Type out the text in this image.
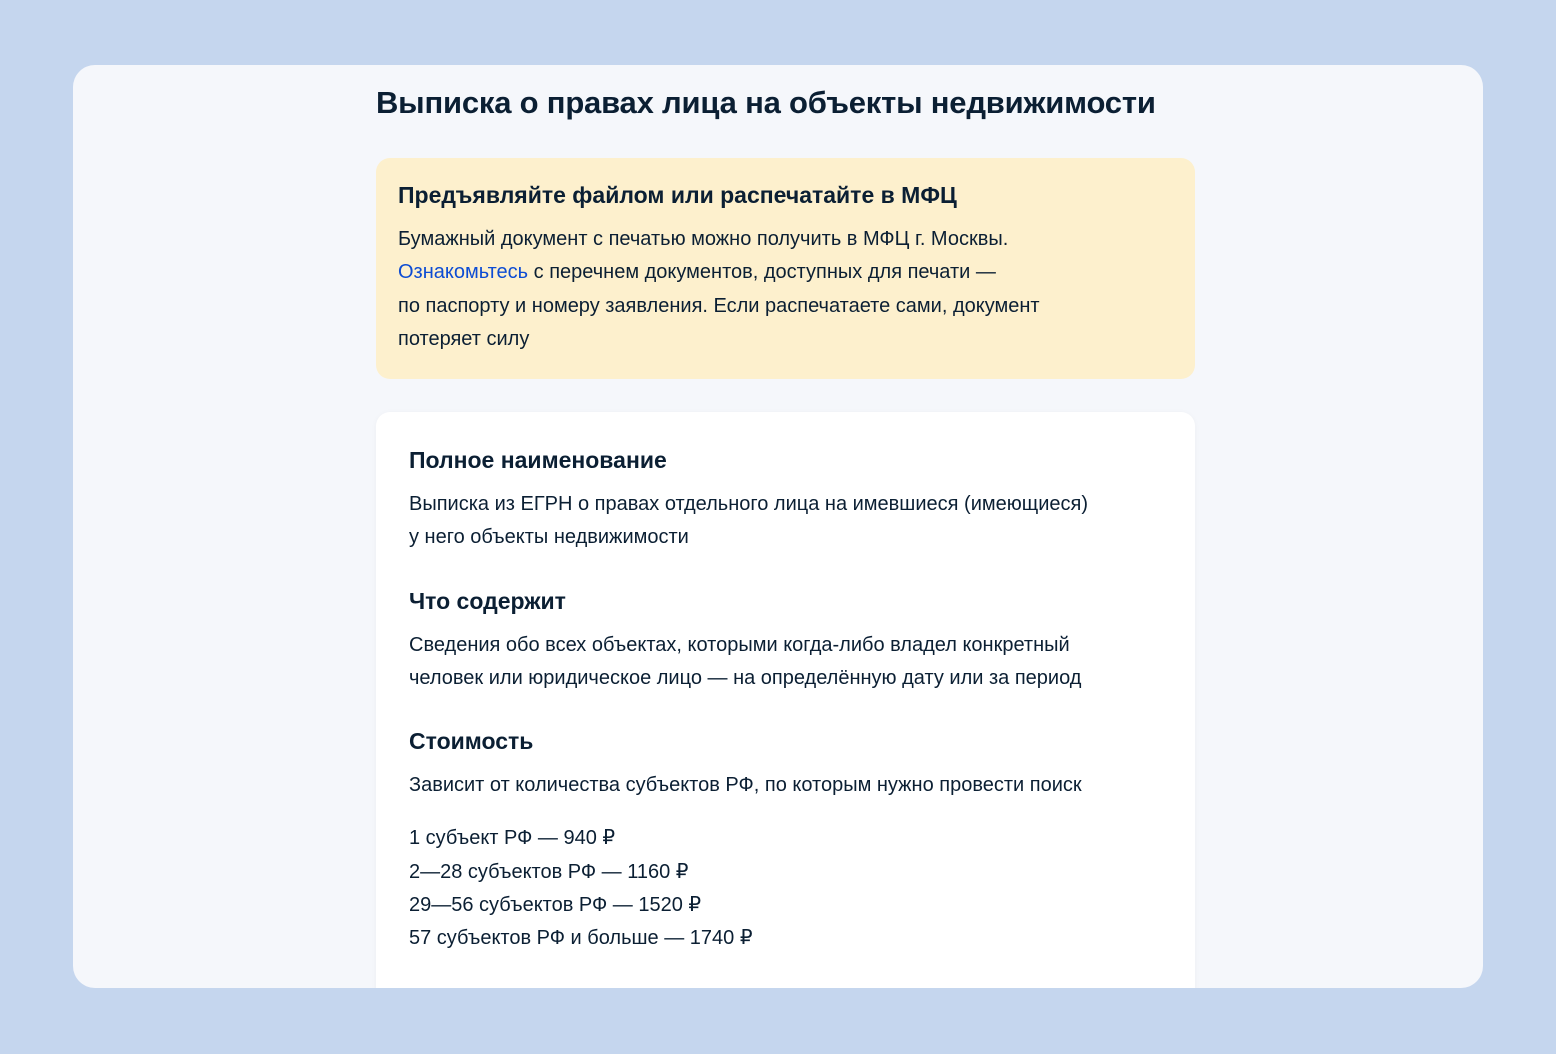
Выписка о правах лица на объекты недвижимости
Предъявляйте файлом или распечатайте в МФЦ

Бумажный документ с печатью можно получить в МФЦ г. Москвы.
Ознакомьтесь с перечнем документов, доступных для печати —
по паспорту и номеру заявления. Если распечатаете сами, документ
потеряет силу

Полное наименование

Выписка из ЕГРН о правах отдельного лица на имевшиеся (имеющиеся)
у него объекты недвижимости

Что содержит

Сведения обо всех объектах, которыми когда-либо владел конкретный
человек или юридическое лицо — на определённую дату или за период

Стоимость

Зависит от количества субъектов РФ, по которым нужно провести поиск

1 субъект РФ — 940 ₽
2—28 субъектов РФ — 1160 ₽
29—56 субъектов РФ — 1520 ₽
57 субъектов РФ и больше — 1740 ₽
